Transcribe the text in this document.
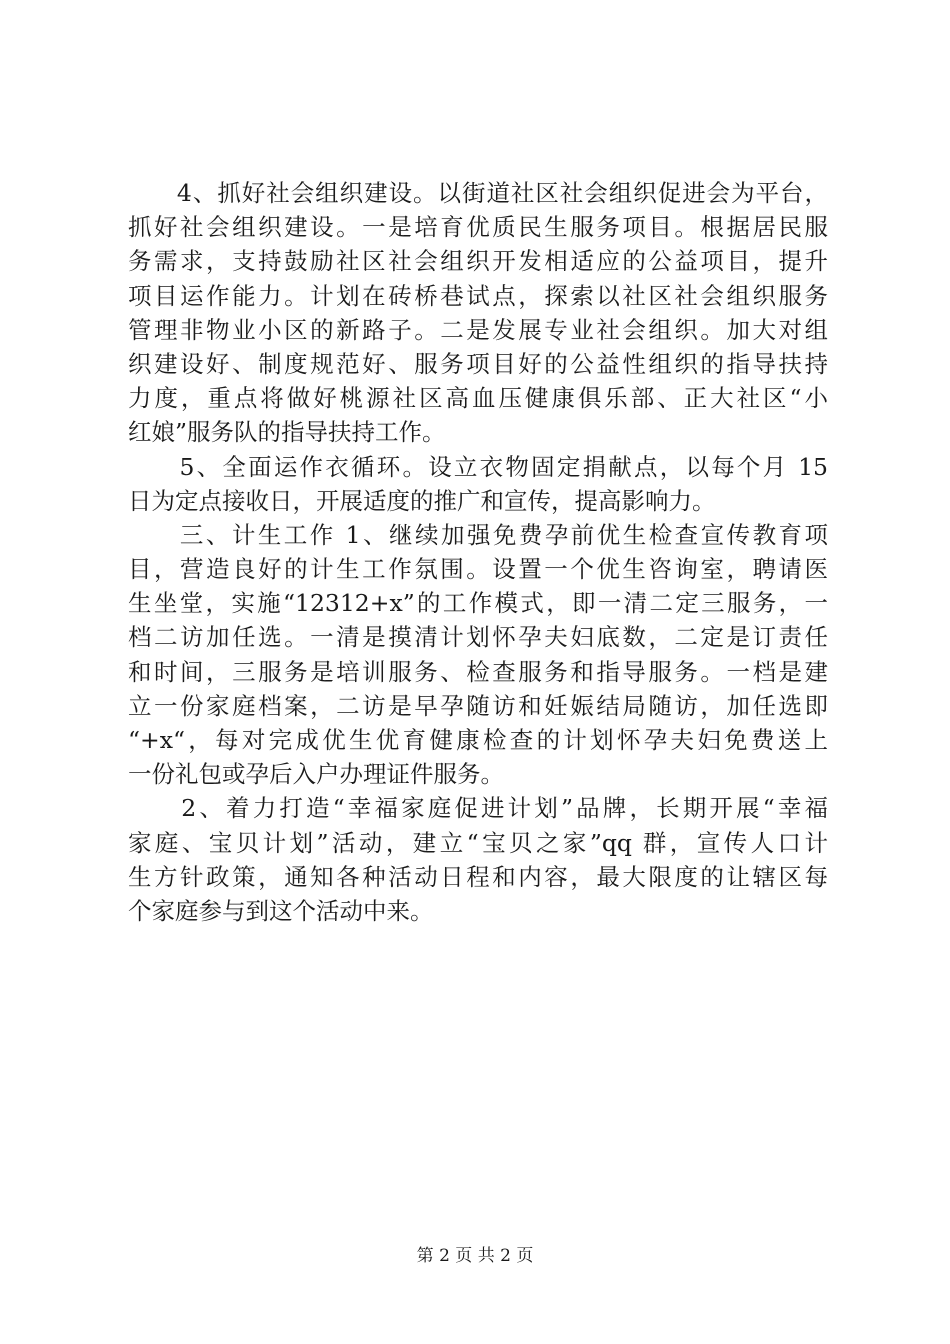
　　4、抓好社会组织建设。以街道社区社会组织促进会为平台，
抓好社会组织建设。一是培育优质民生服务项目。根据居民服
务需求，支持鼓励社区社会组织开发相适应的公益项目，提升
项目运作能力。计划在砖桥巷试点，探索以社区社会组织服务
管理非物业小区的新路子。二是发展专业社会组织。加大对组
织建设好、制度规范好、服务项目好的公益性组织的指导扶持
力度，重点将做好桃源社区高血压健康俱乐部、正大社区“小
红娘”服务队的指导扶持工作。
　　5、全面运作衣循环。设立衣物固定捐献点，以每个月 15
日为定点接收日，开展适度的推广和宣传，提高影响力。
　　三、计生工作 1、继续加强免费孕前优生检查宣传教育项
目，营造良好的计生工作氛围。设置一个优生咨询室，聘请医
生坐堂，实施“12312+x”的工作模式，即一清二定三服务，一
档二访加任选。一清是摸清计划怀孕夫妇底数，二定是订责任
和时间，三服务是培训服务、检查服务和指导服务。一档是建
立一份家庭档案，二访是早孕随访和妊娠结局随访，加任选即
“+x“，每对完成优生优育健康检查的计划怀孕夫妇免费送上
一份礼包或孕后入户办理证件服务。
　　2、着力打造“幸福家庭促进计划”品牌，长期开展“幸福
家庭、宝贝计划”活动，建立“宝贝之家”qq 群，宣传人口计
生方针政策，通知各种活动日程和内容，最大限度的让辖区每
个家庭参与到这个活动中来。
第 2 页 共 2 页
